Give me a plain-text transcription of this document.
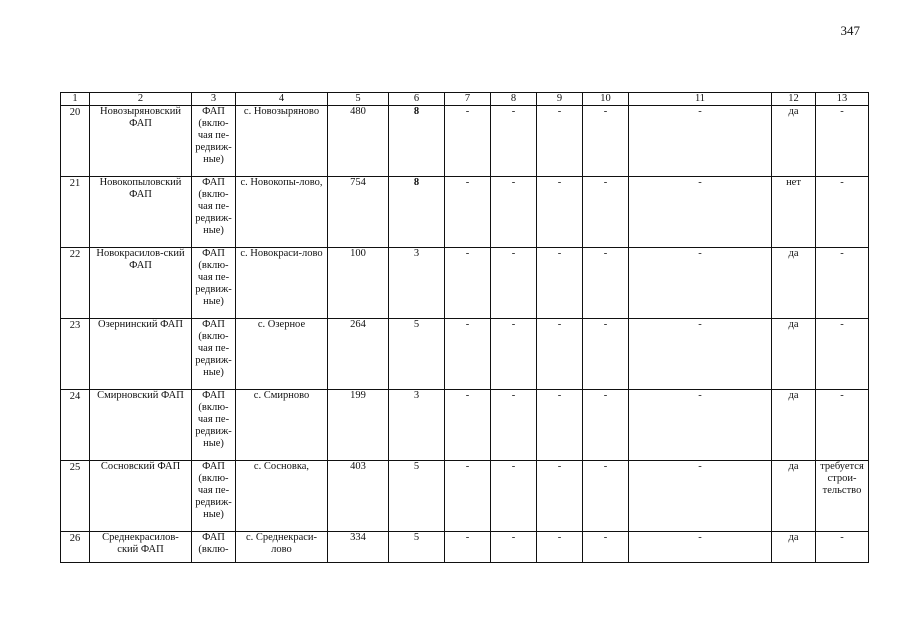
347
1	2	3	4	5	6	7	8	9	10	11	12	13
20	Новозыряновский ФАП	ФАП (вклю-чая пе-редвиж-ные)	с. Новозыряново	480	8	-	-	-	-	-	да	-
21	Новокопыловский ФАП	ФАП (вклю-чая пе-редвиж-ные)	с. Новокопы-лово,	754	8	-	-	-	-	-	нет	-
22	Новокрасилов-ский ФАП	ФАП (вклю-чая пе-редвиж-ные)	с. Новокраси-лово	100	3	-	-	-	-	-	да	-
23	Озернинский ФАП	ФАП (вклю-чая пе-редвиж-ные)	с. Озерное	264	5	-	-	-	-	-	да	-
24	Смирновский ФАП	ФАП (вклю-чая пе-редвиж-ные)	с. Смирново	199	3	-	-	-	-	-	да	-
25	Сосновский ФАП	ФАП (вклю-чая пе-редвиж-ные)	с. Сосновка,	403	5	-	-	-	-	-	да	требуется строи-тельство
26	Среднекрасилов-ский ФАП	ФАП (вклю-	с. Среднекраси-лово	334	5	-	-	-	-	-	да	-
